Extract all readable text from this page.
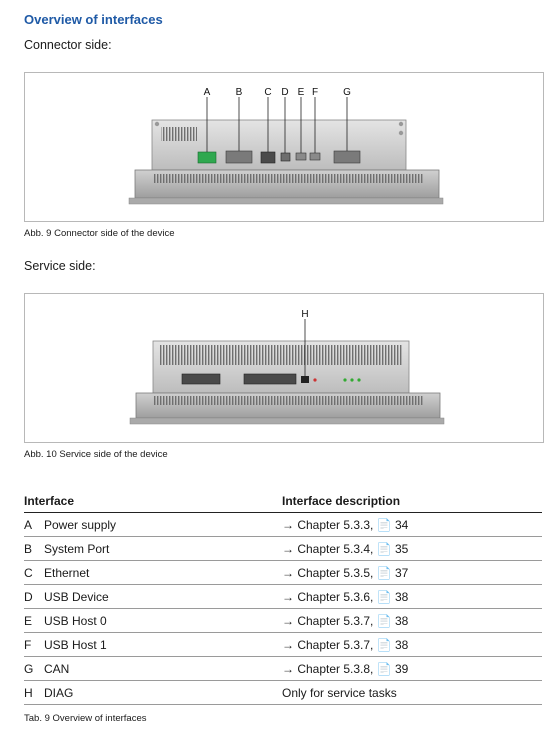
Overview of interfaces
Connector side:
A	B C D E F	G
Abb. 9 Connector side of the device
Service side:
H
Abb. 10 Service side of the device
Interface		Interface description
A	Power supply	→ Chapter 5.3.3, 📄 34
B	System Port	→ Chapter 5.3.4, 📄 35
C	Ethernet	→ Chapter 5.3.5, 📄 37
D	USB Device	→ Chapter 5.3.6, 📄 38
E	USB Host 0	→ Chapter 5.3.7, 📄 38
F	USB Host 1	→ Chapter 5.3.7, 📄 38
G	CAN	→ Chapter 5.3.8, 📄 39
H	DIAG	Only for service tasks
Tab. 9 Overview of interfaces
